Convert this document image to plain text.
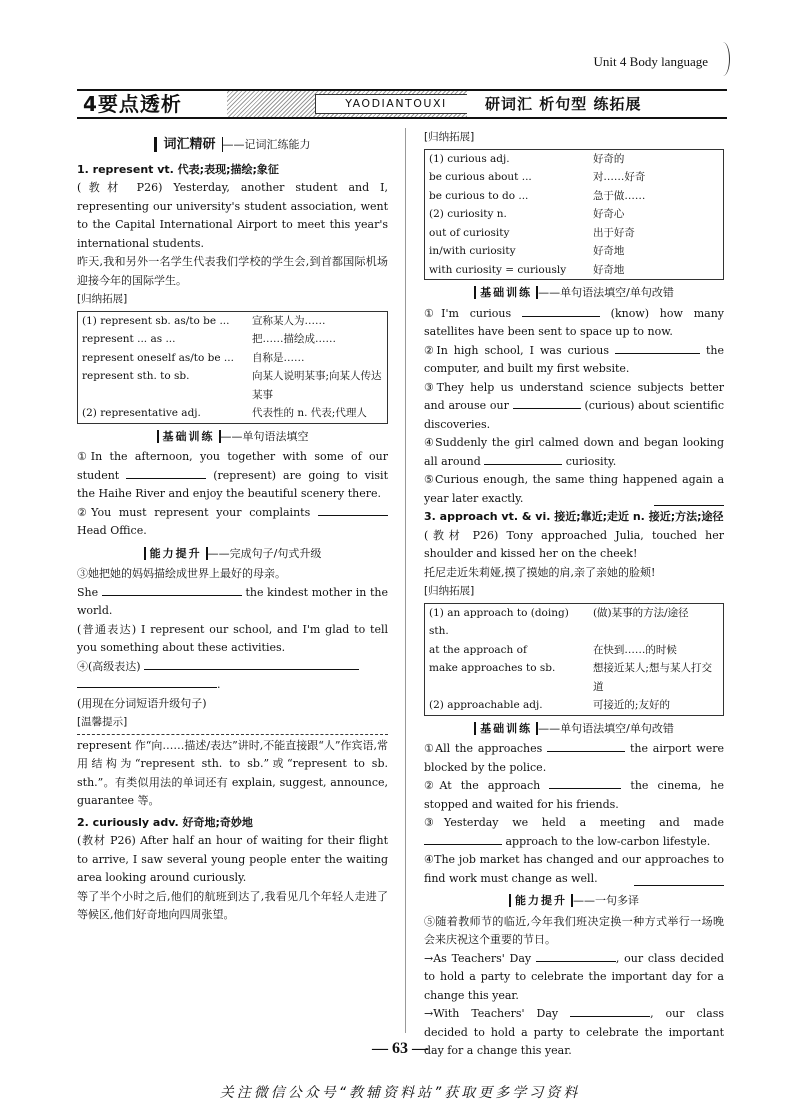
Unit 4 Body language
4要点透析	YAODIANTOUXI	研词汇 析句型 练拓展
词汇精研 ——记词汇练能力

1. represent vt. 代表;表现;描绘;象征

(教材 P26) Yesterday, another student and I, representing our university's student association, went to the Capital International Airport to meet this year's international students.

昨天,我和另外一名学生代表我们学校的学生会,到首都国际机场迎接今年的国际学生。

[归纳拓展]

(1) represent sb. as/to be ...	宣称某人为……
represent ... as ...	把……描绘成……
represent oneself as/to be ...	自称是……
represent sth. to sb.	向某人说明某事;向某人传达某事
(2) representative adj.	代表性的 n. 代表;代理人
基础训练 ——单句语法填空

①In the afternoon, you together with some of our student	(represent) are going to visit the Haihe River and enjoy the beautiful scenery there.

②You must represent your complaints  Head Office.

能力提升 ——完成句子/句式升级

③她把她的妈妈描绘成世界上最好的母亲。

She	the kindest mother in the world.

(普通表达) I represent our school, and I'm glad to tell you something about these activities.

④(高级表达)

.

(用现在分词短语升级句子)

[温馨提示]

represent 作“向……描述/表达”讲时,不能直接跟“人”作宾语,常用结构为“represent sth. to sb.”或“represent to sb. sth.”。有类似用法的单词还有 explain, suggest, announce, guarantee 等。

2. curiously adv. 好奇地;奇妙地

(教材 P26) After half an hour of waiting for their flight to arrive, I saw several young people enter the waiting area looking around curiously.

等了半个小时之后,他们的航班到达了,我看见几个年轻人走进了等候区,他们好奇地向四周张望。

[归纳拓展]

(1) curious adj.	好奇的
be curious about ...	对……好奇
be curious to do ...	急于做……
(2) curiosity n.	好奇心
out of curiosity	出于好奇
in/with curiosity	好奇地
with curiosity = curiously	好奇地
基础训练 ——单句语法填空/单句改错

①I'm curious	(know) how many satellites have been sent to space up to now.

②In high school, I was curious	the computer, and built my first website.

③They help us understand science subjects better and arouse our	(curious) about scientific discoveries.

④Suddenly the girl calmed down and began looking all around	curiosity.

⑤Curious enough, the same thing happened again a year later exactly.

3. approach vt. & vi. 接近;靠近;走近 n. 接近;方法;途径

(教材 P26) Tony approached Julia, touched her shoulder and kissed her on the cheek!

托尼走近朱莉娅,摸了摸她的肩,亲了亲她的脸颊!

[归纳拓展]

(1) an approach to (doing) sth.	(做)某事的方法/途径
at the approach of	在快到……的时候
make approaches to sb.	想接近某人;想与某人打交道
(2) approachable adj.	可接近的;友好的
基础训练 ——单句语法填空/单句改错

①All the approaches	the airport were blocked by the police.

②At the approach	the cinema, he stopped and waited for his friends.

③Yesterday we held a meeting and made  approach to the low-carbon lifestyle.

④The job market has changed and our approaches to find work must change as well.

能力提升 ——一句多译

⑤随着教师节的临近,今年我们班决定换一种方式举行一场晚会来庆祝这个重要的节日。

→As Teachers' Day	, our class decided to hold a party to celebrate the important day for a change this year.

→With Teachers' Day	, our class decided to hold a party to celebrate the important day for a change this year.

— 63 —
关注微信公众号“教辅资料站”获取更多学习资料
